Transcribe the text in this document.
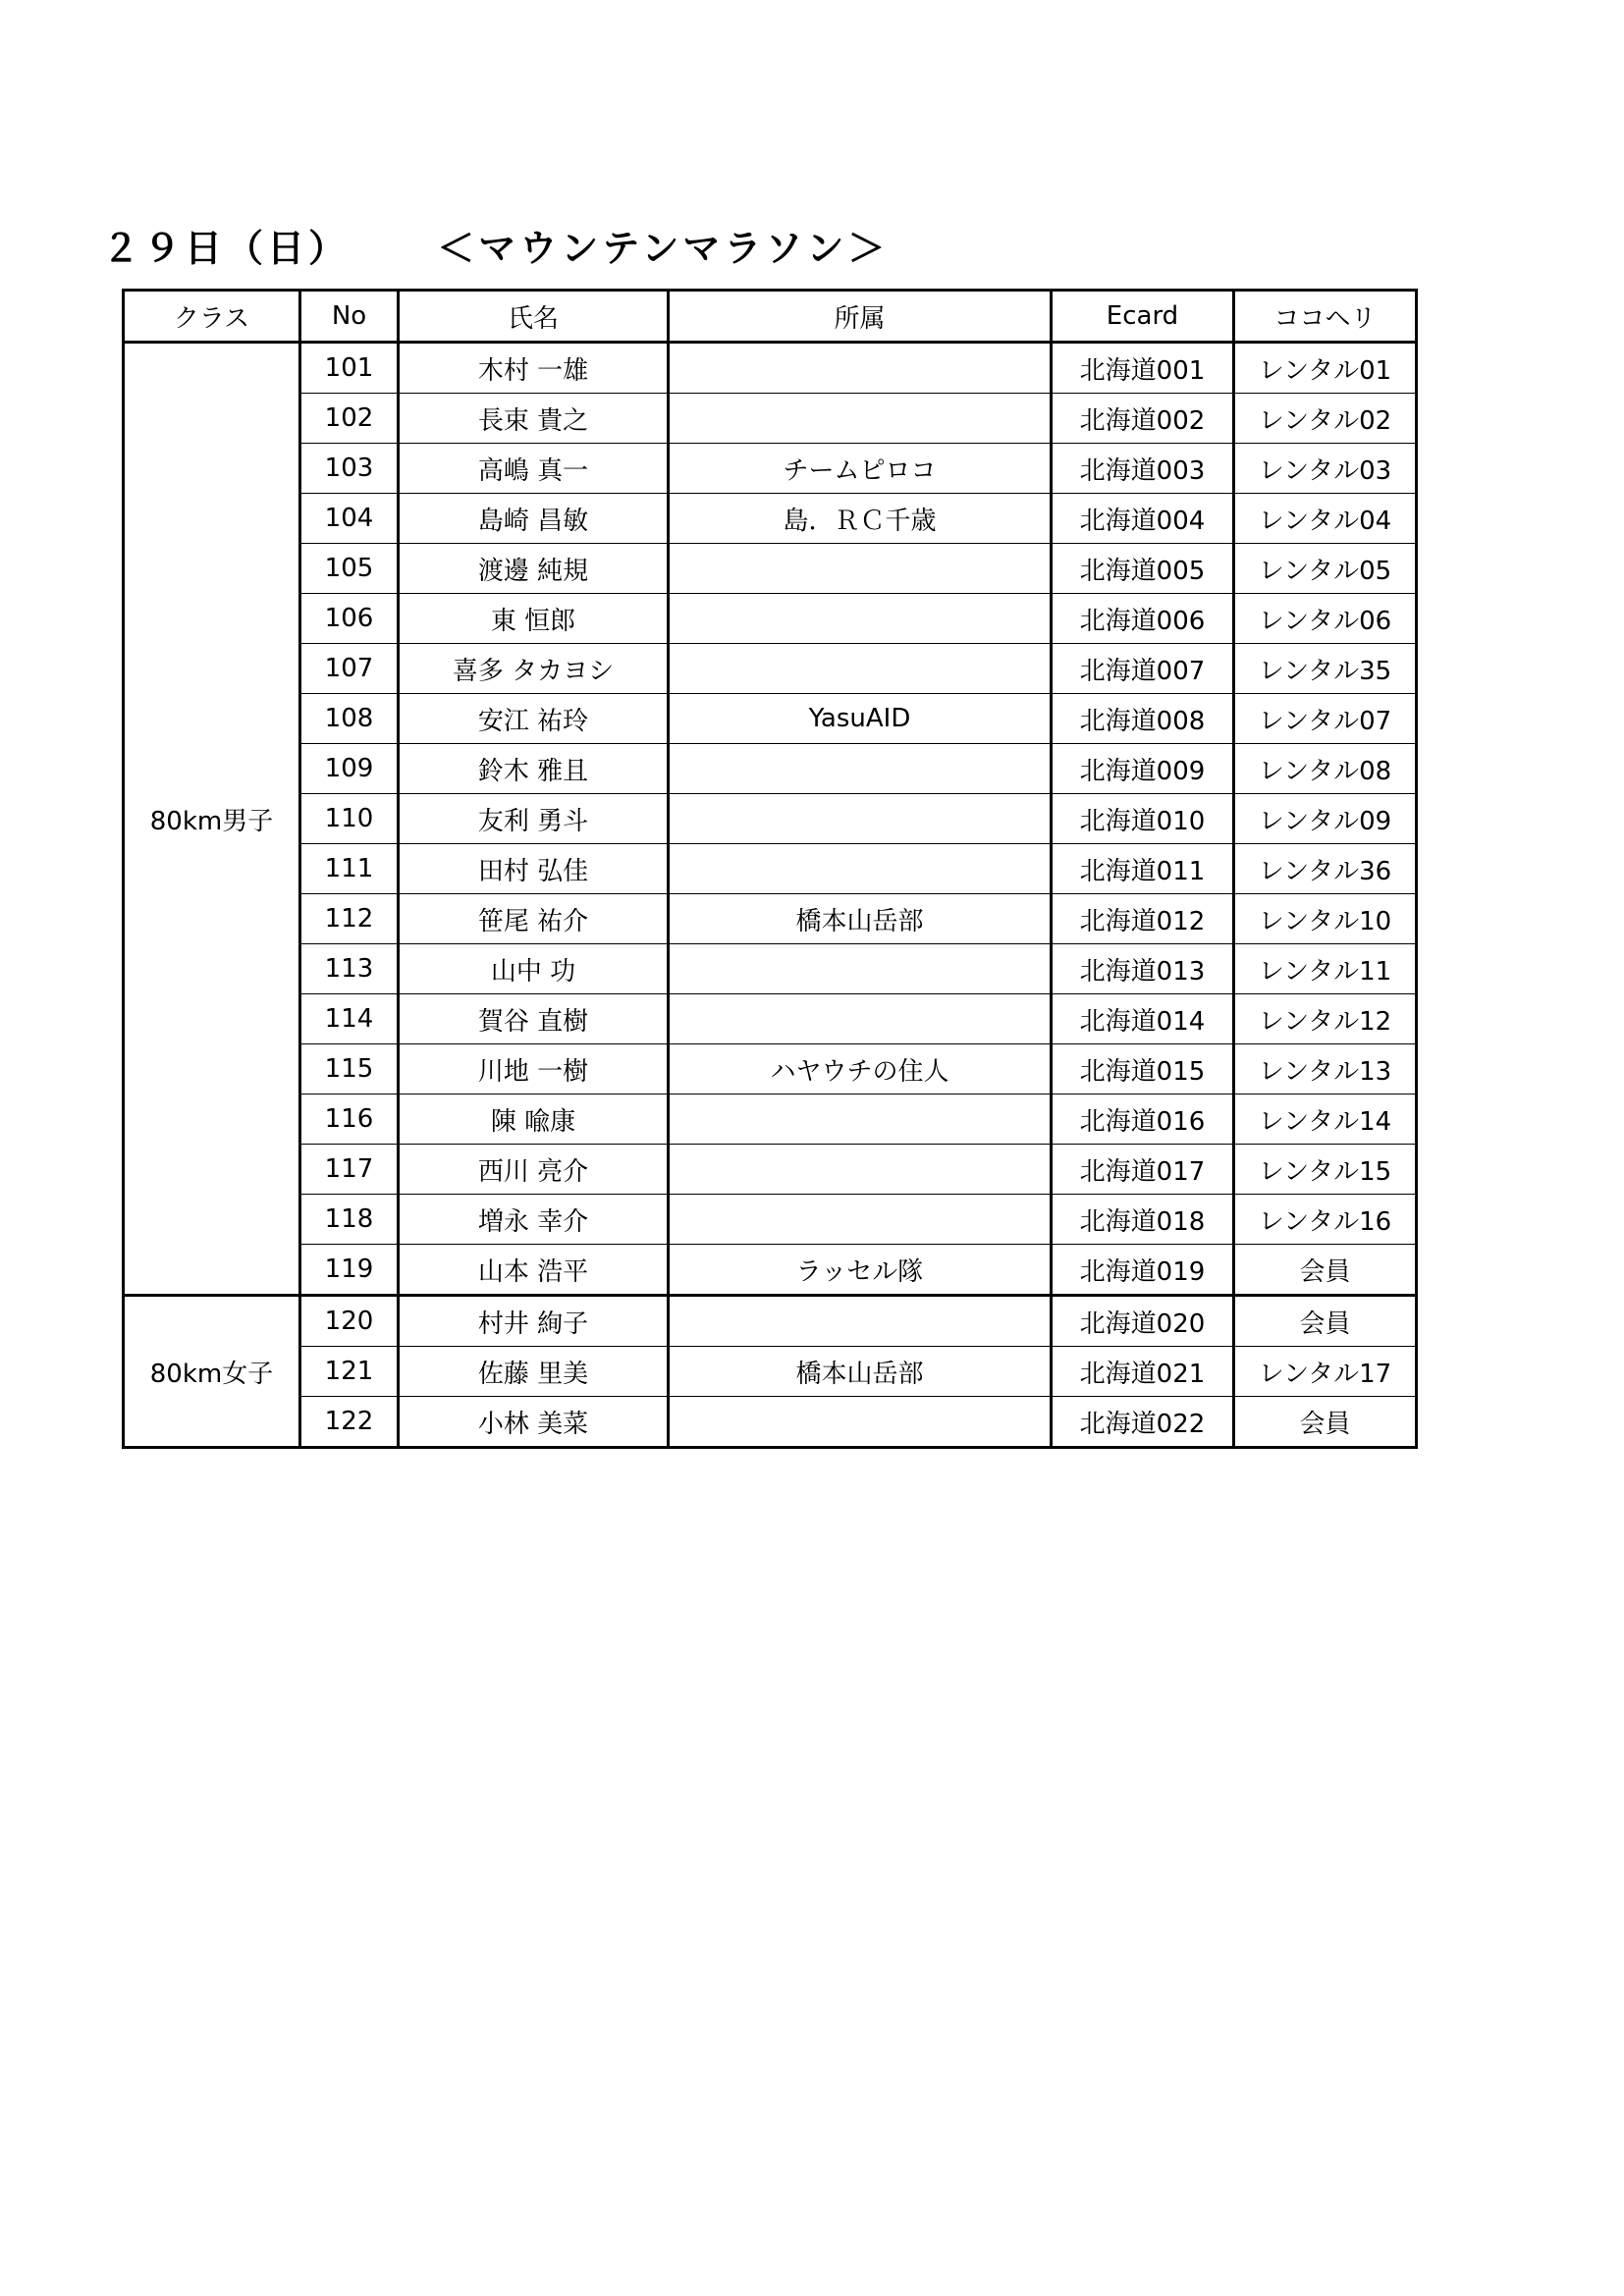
２９日（日） ＜マウンテンマラソン＞
クラス	No	氏名	所属	Ecard	ココヘリ
80km男子	101	木村 一雄		北海道001	レンタル01
	102	長束 貴之		北海道002	レンタル02
	103	高嶋 真一	チームピロコ	北海道003	レンタル03
	104	島崎 昌敏	島．ＲＣ千歳	北海道004	レンタル04
	105	渡邊 純規		北海道005	レンタル05
	106	東 恒郎		北海道006	レンタル06
	107	喜多 タカヨシ		北海道007	レンタル35
	108	安江 祐玲	YasuAID	北海道008	レンタル07
	109	鈴木 雅且		北海道009	レンタル08
	110	友利 勇斗		北海道010	レンタル09
	111	田村 弘佳		北海道011	レンタル36
	112	笹尾 祐介	橋本山岳部	北海道012	レンタル10
	113	山中 功		北海道013	レンタル11
	114	賀谷 直樹		北海道014	レンタル12
	115	川地 一樹	ハヤウチの住人	北海道015	レンタル13
	116	陳 喩康		北海道016	レンタル14
	117	西川 亮介		北海道017	レンタル15
	118	増永 幸介		北海道018	レンタル16
	119	山本 浩平	ラッセル隊	北海道019	会員
80km女子	120	村井 絢子		北海道020	会員
	121	佐藤 里美	橋本山岳部	北海道021	レンタル17
	122	小林 美菜		北海道022	会員
